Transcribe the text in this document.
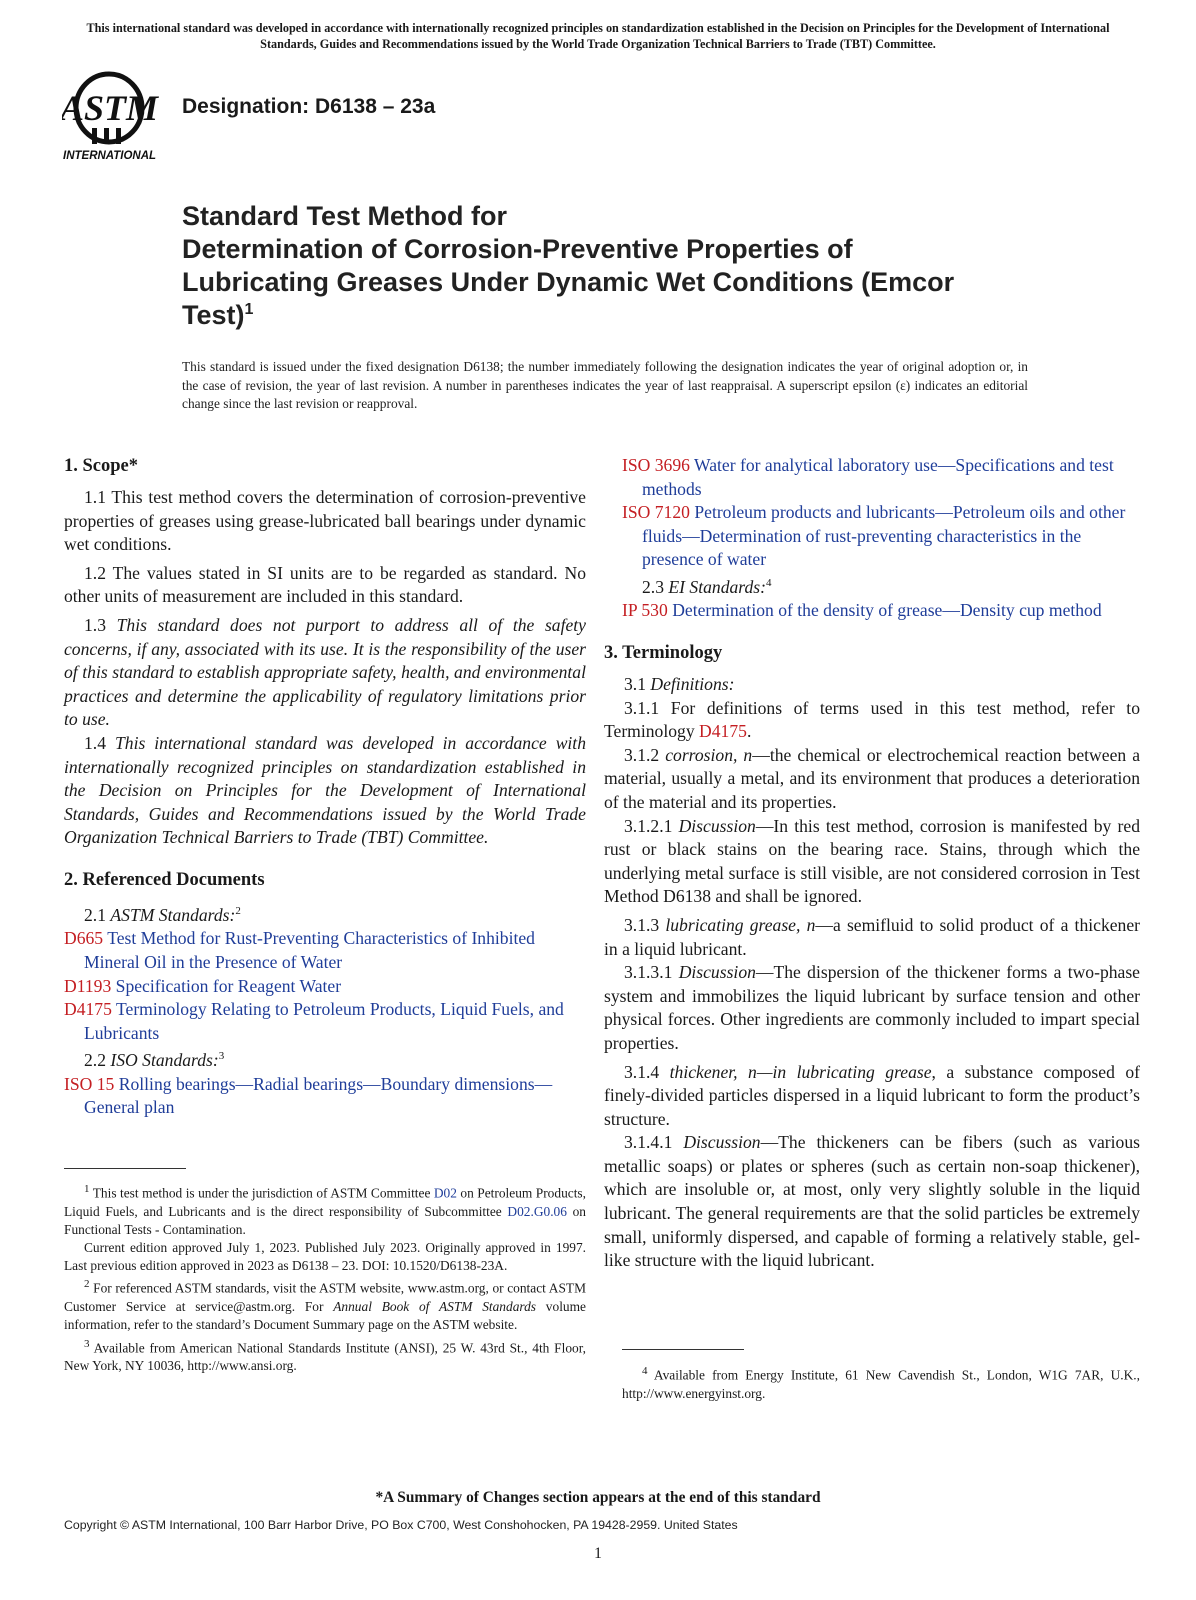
This international standard was developed in accordance with internationally recognized principles on standardization established in the Decision on Principles for the Development of International Standards, Guides and Recommendations issued by the World Trade Organization Technical Barriers to Trade (TBT) Committee.
ASTM
INTERNATIONAL
Designation: D6138 – 23a
Standard Test Method for
Determination of Corrosion-Preventive Properties of
Lubricating Greases Under Dynamic Wet Conditions (Emcor
Test)$^1$
This standard is issued under the fixed designation D6138; the number immediately following the designation indicates the year of original adoption or, in the case of revision, the year of last revision. A number in parentheses indicates the year of last reappraisal. A superscript epsilon (ε) indicates an editorial change since the last revision or reapproval.
1. Scope*

1.1 This test method covers the determination of corrosion-preventive properties of greases using grease-lubricated ball bearings under dynamic wet conditions.

1.2 The values stated in SI units are to be regarded as standard. No other units of measurement are included in this standard.

1.3 This standard does not purport to address all of the safety concerns, if any, associated with its use. It is the responsibility of the user of this standard to establish appropriate safety, health, and environmental practices and determine the applicability of regulatory limitations prior to use.

1.4 This international standard was developed in accordance with internationally recognized principles on standardization established in the Decision on Principles for the Development of International Standards, Guides and Recommendations issued by the World Trade Organization Technical Barriers to Trade (TBT) Committee.

2. Referenced Documents

2.1 ASTM Standards:$^2$

D665 Test Method for Rust-Preventing Characteristics of Inhibited Mineral Oil in the Presence of Water

D1193 Specification for Reagent Water

D4175 Terminology Relating to Petroleum Products, Liquid Fuels, and Lubricants

2.2 ISO Standards:$^3$

ISO 15 Rolling bearings—Radial bearings—Boundary dimensions—General plan

$^1$ This test method is under the jurisdiction of ASTM Committee D02 on Petroleum Products, Liquid Fuels, and Lubricants and is the direct responsibility of Subcommittee D02.G0.06 on Functional Tests - Contamination.

Current edition approved July 1, 2023. Published July 2023. Originally approved in 1997. Last previous edition approved in 2023 as D6138 – 23. DOI: 10.1520/D6138-23A.

$^2$ For referenced ASTM standards, visit the ASTM website, www.astm.org, or contact ASTM Customer Service at service@astm.org. For Annual Book of ASTM Standards volume information, refer to the standard’s Document Summary page on the ASTM website.

$^3$ Available from American National Standards Institute (ANSI), 25 W. 43rd St., 4th Floor, New York, NY 10036, http://www.ansi.org.

ISO 3696 Water for analytical laboratory use—Specifications and test methods

ISO 7120 Petroleum products and lubricants—Petroleum oils and other fluids—Determination of rust-preventing characteristics in the presence of water

2.3 EI Standards:$^4$

IP 530 Determination of the density of grease—Density cup method

3. Terminology

3.1 Definitions:

3.1.1 For definitions of terms used in this test method, refer to Terminology D4175.

3.1.2 corrosion, n—the chemical or electrochemical reaction between a material, usually a metal, and its environment that produces a deterioration of the material and its properties.

3.1.2.1 Discussion—In this test method, corrosion is manifested by red rust or black stains on the bearing race. Stains, through which the underlying metal surface is still visible, are not considered corrosion in Test Method D6138 and shall be ignored.

3.1.3 lubricating grease, n—a semifluid to solid product of a thickener in a liquid lubricant.

3.1.3.1 Discussion—The dispersion of the thickener forms a two-phase system and immobilizes the liquid lubricant by surface tension and other physical forces. Other ingredients are commonly included to impart special properties.

3.1.4 thickener, n—in lubricating grease, a substance composed of finely-divided particles dispersed in a liquid lubricant to form the product’s structure.

3.1.4.1 Discussion—The thickeners can be fibers (such as various metallic soaps) or plates or spheres (such as certain non-soap thickener), which are insoluble or, at most, only very slightly soluble in the liquid lubricant. The general requirements are that the solid particles be extremely small, uniformly dispersed, and capable of forming a relatively stable, gel-like structure with the liquid lubricant.

$^4$ Available from Energy Institute, 61 New Cavendish St., London, W1G 7AR, U.K., http://www.energyinst.org.

*A Summary of Changes section appears at the end of this standard
Copyright © ASTM International, 100 Barr Harbor Drive, PO Box C700, West Conshohocken, PA 19428-2959. United States
1
